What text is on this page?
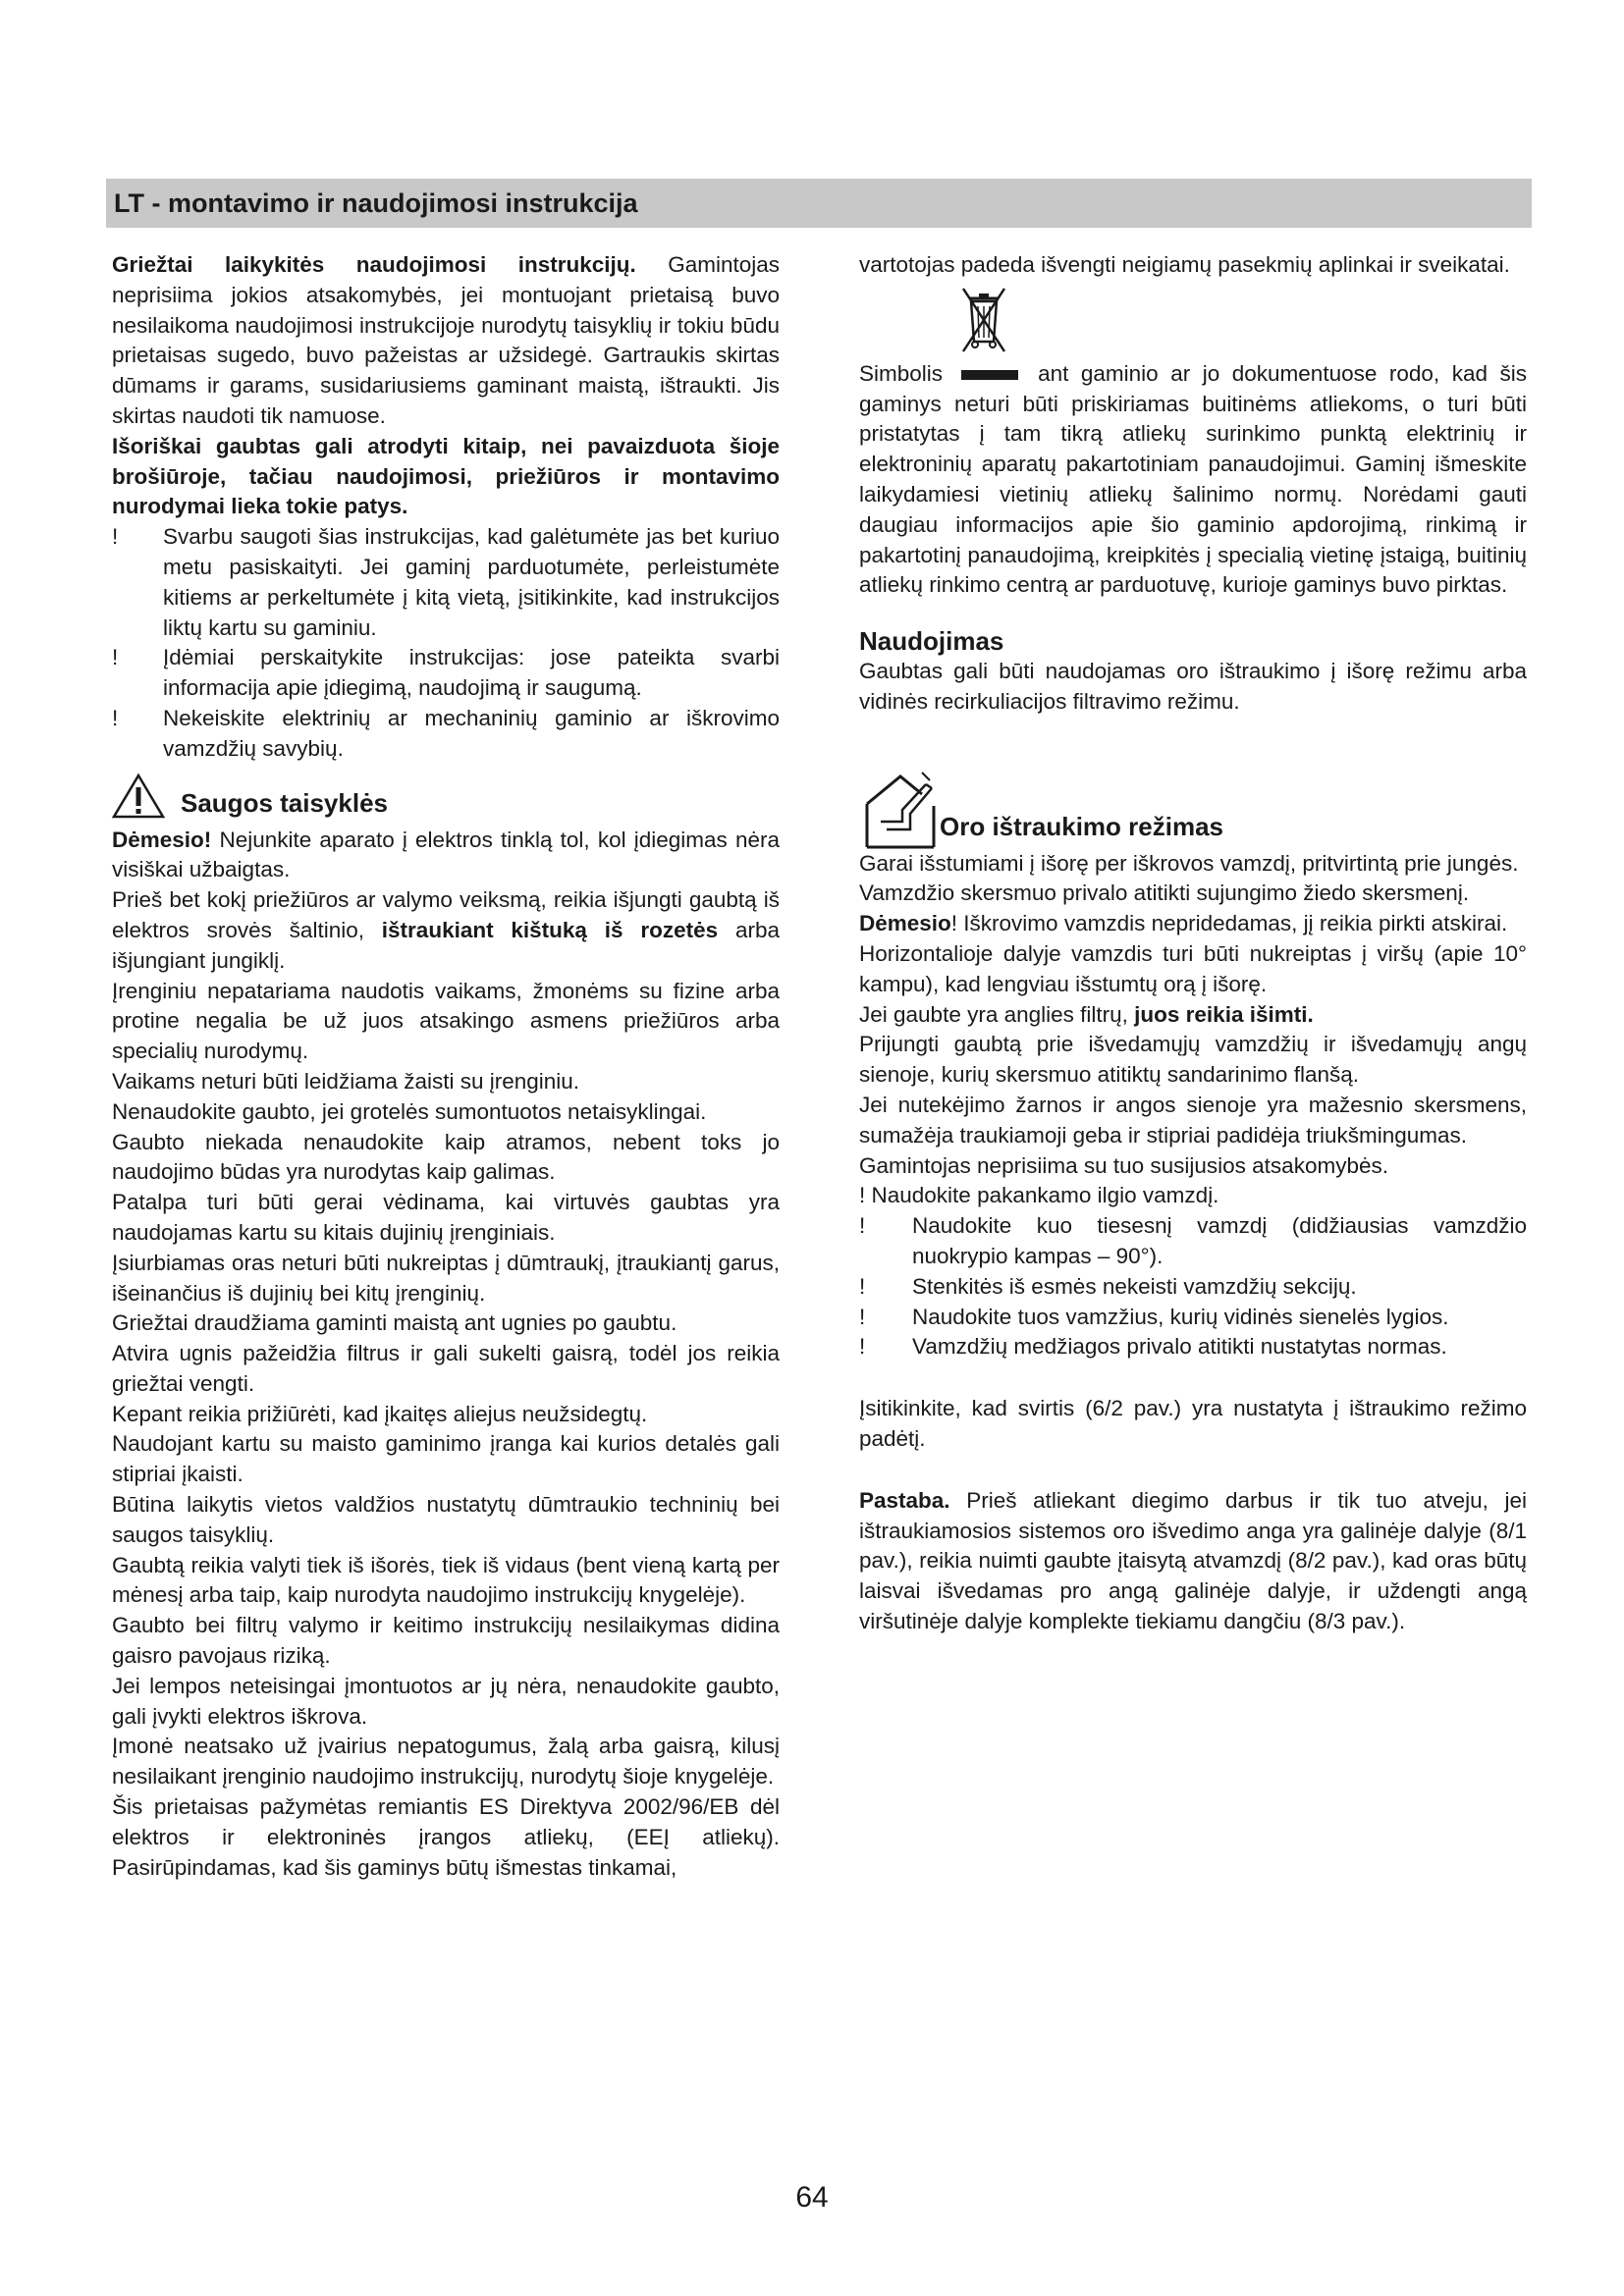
LT - montavimo ir naudojimosi instrukcija

Griežtai laikykitės naudojimosi instrukcijų. Gamintojas neprisiima jokios atsakomybės, jei montuojant prietaisą buvo nesilaikoma naudojimosi instrukcijoje nurodytų taisyklių ir tokiu būdu prietaisas sugedo, buvo pažeistas ar užsidegė. Gartraukis skirtas dūmams ir garams, susidariusiems gaminant maistą, ištraukti. Jis skirtas naudoti tik namuose.

Išoriškai gaubtas gali atrodyti kitaip, nei pavaizduota šioje brošiūroje, tačiau naudojimosi, priežiūros ir montavimo nurodymai lieka tokie patys.

!	Svarbu saugoti šias instrukcijas, kad galėtumėte jas bet kuriuo metu pasiskaityti. Jei gaminį parduotumėte, perleistumėte kitiems ar perkeltumėte į kitą vietą, įsitikinkite, kad instrukcijos liktų kartu su gaminiu.
!	Įdėmiai perskaitykite instrukcijas: jose pateikta svarbi informacija apie įdiegimą, naudojimą ir saugumą.
!	Nekeiskite elektrinių ar mechaninių gaminio ar iškrovimo vamzdžių savybių.
Saugos taisyklės

Dėmesio! Nejunkite aparato į elektros tinklą tol, kol įdiegimas nėra visiškai užbaigtas.

Prieš bet kokį priežiūros ar valymo veiksmą, reikia išjungti gaubtą iš elektros srovės šaltinio, ištraukiant kištuką iš rozetės arba išjungiant jungiklį.

Įrenginiu nepatariama naudotis vaikams, žmonėms su fizine arba protine negalia be už juos atsakingo asmens priežiūros arba specialių nurodymų.

Vaikams neturi būti leidžiama žaisti su įrenginiu.

Nenaudokite gaubto, jei grotelės sumontuotos netaisyklingai.

Gaubto niekada nenaudokite kaip atramos, nebent toks jo naudojimo būdas yra nurodytas kaip galimas.

Patalpa turi būti gerai vėdinama, kai virtuvės gaubtas yra naudojamas kartu su kitais dujinių įrenginiais.

Įsiurbiamas oras neturi būti nukreiptas į dūmtraukį, įtraukiantį garus, išeinančius iš dujinių bei kitų įrenginių.

Griežtai draudžiama gaminti maistą ant ugnies po gaubtu.

Atvira ugnis pažeidžia filtrus ir gali sukelti gaisrą, todėl jos reikia griežtai vengti.

Kepant reikia prižiūrėti, kad įkaitęs aliejus neužsidegtų.

Naudojant kartu su maisto gaminimo įranga kai kurios detalės gali stipriai įkaisti.

Būtina laikytis vietos valdžios nustatytų dūmtraukio techninių bei saugos taisyklių.

Gaubtą reikia valyti tiek iš išorės, tiek iš vidaus (bent vieną kartą per mėnesį arba taip, kaip nurodyta naudojimo instrukcijų knygelėje).

Gaubto bei filtrų valymo ir keitimo instrukcijų nesilaikymas didina gaisro pavojaus riziką.

Jei lempos neteisingai įmontuotos ar jų nėra, nenaudokite gaubto, gali įvykti elektros iškrova.

Įmonė neatsako už įvairius nepatogumus, žalą arba gaisrą, kilusį nesilaikant įrenginio naudojimo instrukcijų, nurodytų šioje knygelėje.

Šis prietaisas pažymėtas remiantis ES Direktyva 2002/96/EB dėl elektros ir elektroninės įrangos atliekų, (EEĮ atliekų). Pasirūpindamas, kad šis gaminys būtų išmestas tinkamai,

vartotojas padeda išvengti neigiamų pasekmių aplinkai ir sveikatai.

Simbolis	ant gaminio ar jo dokumentuose rodo, kad šis gaminys neturi būti priskiriamas buitinėms atliekoms, o turi būti pristatytas į tam tikrą atliekų surinkimo punktą elektrinių ir elektroninių aparatų pakartotiniam panaudojimui. Gaminį išmeskite laikydamiesi vietinių atliekų šalinimo normų. Norėdami gauti daugiau informacijos apie šio gaminio apdorojimą, rinkimą ir pakartotinį panaudojimą, kreipkitės į specialią vietinę įstaigą, buitinių atliekų rinkimo centrą ar parduotuvę, kurioje gaminys buvo pirktas.

Naudojimas

Gaubtas gali būti naudojamas oro ištraukimo į išorę režimu arba vidinės recirkuliacijos filtravimo režimu.

Oro ištraukimo režimas

Garai išstumiami į išorę per iškrovos vamzdį, pritvirtintą prie jungės.

Vamzdžio skersmuo privalo atitikti sujungimo žiedo skersmenį.

Dėmesio! Iškrovimo vamzdis nepridedamas, jį reikia pirkti atskirai.

Horizontalioje dalyje vamzdis turi būti nukreiptas į viršų (apie 10° kampu), kad lengviau išstumtų orą į išorę.

Jei gaubte yra anglies filtrų, juos reikia išimti.

Prijungti gaubtą prie išvedamųjų vamzdžių ir išvedamųjų angų sienoje, kurių skersmuo atitiktų sandarinimo flanšą.

Jei nutekėjimo žarnos ir angos sienoje yra mažesnio skersmens, sumažėja traukiamoji geba ir stipriai padidėja triukšmingumas.

Gamintojas neprisiima su tuo susijusios atsakomybės.

! Naudokite pakankamo ilgio vamzdį.

!	Naudokite kuo tiesesnį vamzdį (didžiausias vamzdžio nuokrypio kampas – 90°).
!	Stenkitės iš esmės nekeisti vamzdžių sekcijų.
!	Naudokite tuos vamzžius, kurių vidinės sienelės lygios.
!	Vamzdžių medžiagos privalo atitikti nustatytas normas.

Įsitikinkite, kad svirtis (6/2 pav.) yra nustatyta į ištraukimo režimo padėtį.

Pastaba. Prieš atliekant diegimo darbus ir tik tuo atveju, jei ištraukiamosios sistemos oro išvedimo anga yra galinėje dalyje (8/1 pav.), reikia nuimti gaubte įtaisytą atvamzdį (8/2 pav.), kad oras būtų laisvai išvedamas pro angą galinėje dalyje, ir uždengti angą viršutinėje dalyje komplekte tiekiamu dangčiu (8/3 pav.).

64
